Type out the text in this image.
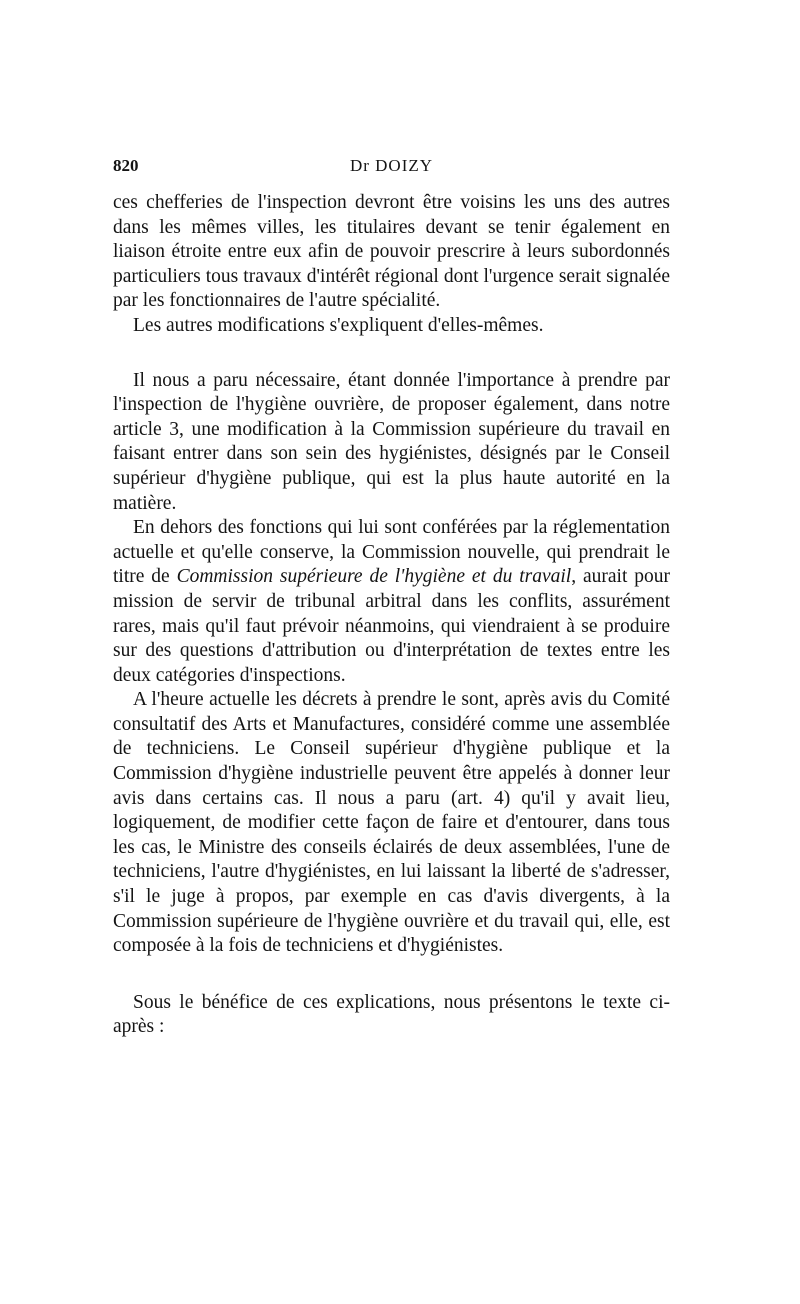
820	Dr DOIZY

ces chefferies de l'inspection devront être voisins les uns des autres dans les mêmes villes, les titulaires devant se tenir également en liaison étroite entre eux afin de pouvoir prescrire à leurs subordonnés particuliers tous travaux d'intérêt régional dont l'urgence serait signalée par les fonctionnaires de l'autre spécialité.

Les autres modifications s'expliquent d'elles-mêmes.

Il nous a paru nécessaire, étant donnée l'importance à prendre par l'inspection de l'hygiène ouvrière, de proposer également, dans notre article 3, une modification à la Commission supérieure du travail en faisant entrer dans son sein des hygiénistes, désignés par le Conseil supérieur d'hygiène publique, qui est la plus haute autorité en la matière.

En dehors des fonctions qui lui sont conférées par la réglementation actuelle et qu'elle conserve, la Commission nouvelle, qui prendrait le titre de Commission supérieure de l'hygiène et du travail, aurait pour mission de servir de tribunal arbitral dans les conflits, assurément rares, mais qu'il faut prévoir néanmoins, qui viendraient à se produire sur des questions d'attribution ou d'interprétation de textes entre les deux catégories d'inspections.

A l'heure actuelle les décrets à prendre le sont, après avis du Comité consultatif des Arts et Manufactures, considéré comme une assemblée de techniciens. Le Conseil supérieur d'hygiène publique et la Commission d'hygiène industrielle peuvent être appelés à donner leur avis dans certains cas. Il nous a paru (art. 4) qu'il y avait lieu, logiquement, de modifier cette façon de faire et d'entourer, dans tous les cas, le Ministre des conseils éclairés de deux assemblées, l'une de techniciens, l'autre d'hygiénistes, en lui laissant la liberté de s'adresser, s'il le juge à propos, par exemple en cas d'avis divergents, à la Commission supérieure de l'hygiène ouvrière et du travail qui, elle, est composée à la fois de techniciens et d'hygiénistes.

Sous le bénéfice de ces explications, nous présentons le texte ci-après :
